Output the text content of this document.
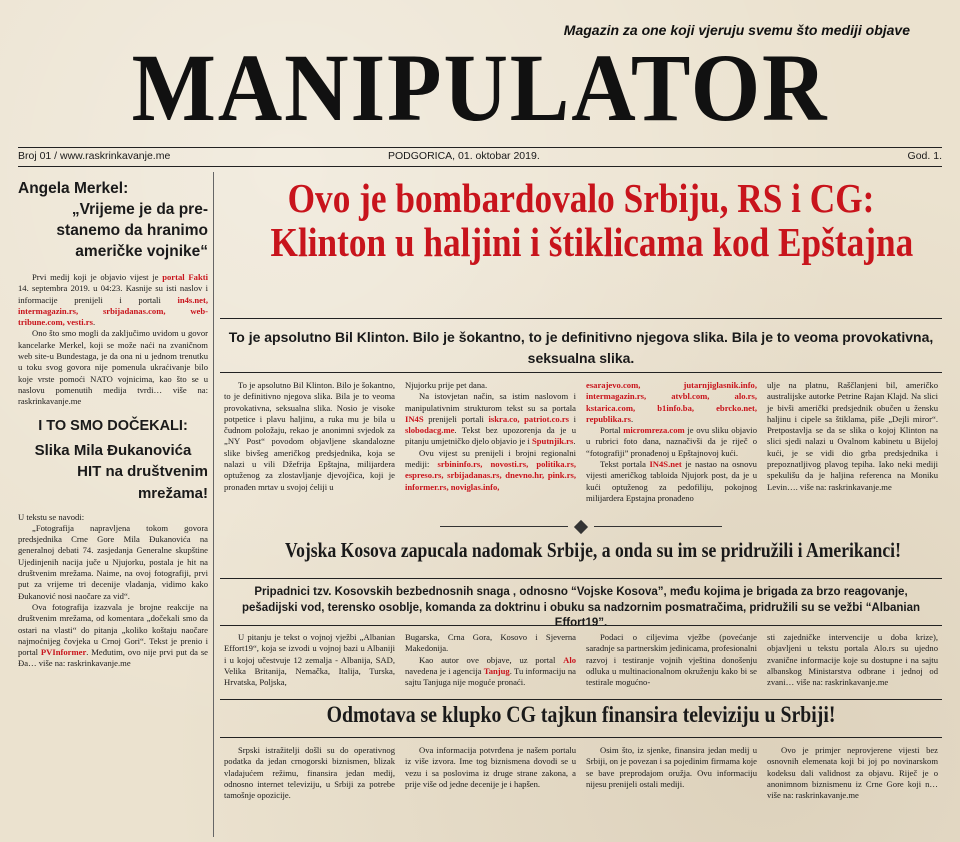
Magazin za one koji vjeruju svemu što mediji objave
MANIPULATOR
Broj 01 / www.raskrinkavanje.me	PODGORICA, 01. oktobar 2019.	God. 1.
Angela Merkel:
„Vrijeme je da pre-
stanemo da hranimo
američke vojnike“
Prvi medij koji je objavio vijest je portal Fakti 14. septembra 2019. u 04:23. Kasnije su isti naslov i informacije prenijeli i portali in4s.net, intermagazin.rs, srbijadanas.com, web-tribune.com, vesti.rs.
Ono što smo mogli da zaključimo uvidom u govor kancelarke Merkel, koji se može naći na zvaničnom web site-u Bundestaga, je da ona ni u jednom trenutku u toku svog govora nije pomenula ukraćivanje bilo koje vrste pomoći NATO vojnicima, kao što se u naslovu pomenutih medija tvrdi… više na: raskrinkavanje.me
I TO SMO DOČEKALI:
Slika Mila Đukanovića
HIT na društvenim
mrežama!
U tekstu se navodi:
„Fotografija napravljena tokom govora predsjednika Crne Gore Mila Đukanovića na generalnoj debati 74. zasjedanja Generalne skupštine Ujedinjenih nacija juče u Njujorku, postala je hit na društvenim mrežama. Naime, na ovoj fotografiji, prvi put za vrijeme tri decenije vladanja, vidimo kako Đukanović nosi naočare za vid“.
Ova fotografija izazvala je brojne reakcije na društvenim mrežama, od komentara „dočekali smo da ostari na vlasti“ do pitanja „koliko koštaju naočare najmoćnijeg čovjeka u Crnoj Gori“. Tekst je prenio i portal PVInformer. Međutim, ovo nije prvi put da se Đa… više na: raskrinkavanje.me
Ovo je bombardovalo Srbiju, RS i CG:
Klinton u haljini i štiklicama kod Epštajna
To je apsolutno Bil Klinton. Bilo je šokantno, to je definitivno njegova slika. Bila je to veoma provokativna, seksualna slika.
To je apsolutno Bil Klinton. Bilo je šokantno, to je definitivno njegova slika. Bila je to veoma provokativna, seksualna slika. Nosio je visoke potpetice i plavu haljinu, a ruka mu je bila u čudnom položaju, rekao je anonimni svjedok za „NY Post“ povodom objavljene skandalozne slike bivšeg američkog predsjednika, koja se nalazi u vili Džefrija Epštajna, milijardera optuženog za zlostavljanje djevojčica, koji je pronađen mrtav u svojoj ćeliji u
Njujorku prije pet dana.
Na istovjetan način, sa istim naslovom i manipulativnim strukturom tekst su sa portala IN4S prenijeli portali iskra.co, patriot.co.rs i slobodacg.me. Tekst bez upozorenja da je u pitanju umjetničko djelo objavio je i Sputnjik.rs.
Ovu vijest su prenijeli i brojni regionalni mediji: srbininfo.rs, novosti.rs, politika.rs, espreso.rs, srbijadanas.rs, dnevno.hr, pink.rs, informer.rs, noviglas.info,
esarajevo.com, jutarnjiglasnik.info, intermagazin.rs, atvbl.com, alo.rs, kstarica.com, b1info.ba, ebrcko.net, republika.rs.
Portal micromreza.com je ovu sliku objavio u rubrici foto dana, naznačivši da je riječ o “fotografiji” pronađenoj u Epštajnovoj kući.
Tekst portala IN4S.net je nastao na osnovu vijesti američkog tabloida Njujork post, da je u kući optuženog za pedofiliju, pokojnog milijardera Epstajna pronađeno
ulje na platnu, Raščlanjeni bil, američko australijske autorke Petrine Rajan Klajd. Na slici je bivši američki predsjednik obučen u žensku haljinu i cipele sa štiklama, piše „Dejli miror“. Pretpostavlja se da se slika o kojoj Klinton na slici sjedi nalazi u Ovalnom kabinetu u Bijeloj kući, je se vidi dio grba predsjednika i prepoznatljivog plavog tepiha. Iako neki mediji spekulišu da je haljina referenca na Moniku Levin…. više na: raskrinkavanje.me
Vojska Kosova zapucala nadomak Srbije, a onda su im se pridružili i Amerikanci!
Pripadnici tzv. Kosovskih bezbednosnih snaga , odnosno “Vojske Kosova”, među kojima je brigada za brzo reagovanje, pešadijski vod, terensko osoblje, komanda za doktrinu i obuku sa nadzornim posmatračima, pridružili su se vežbi “Albanian Effort19”.
U pitanju je tekst o vojnoj vježbi „Albanian Effort19“, koja se izvodi u vojnoj bazi u Albaniji i u kojoj učestvuje 12 zemalja - Albanija, SAD, Velika Britanija, Nemačka, Italija, Turska, Hrvatska, Poljska,
Bugarska, Crna Gora, Kosovo i Sjeverna Makedonija.
Kao autor ove objave, uz portal Alo navedena je i agencija Tanjug. Tu informaciju na sajtu Tanjuga nije moguće pronaći.
Podaci o ciljevima vježbe (povećanje saradnje sa partnerskim jedinicama, profesionalni razvoj i testiranje vojnih vještina donošenju odluka u multinacionalnom okruženju kako bi se testirale mogućno-
sti zajedničke intervencije u doba krize), objavljeni u tekstu portala Alo.rs su ujedno zvanične informacije koje su dostupne i na sajtu albanskog Ministarstva odbrane i jednoj od zvani… više na: raskrinkavanje.me
Odmotava se klupko CG tajkun finansira televiziju u Srbiji!
Srpski istražitelji došli su do operativnog podatka da jedan crnogorski biznismen, blizak vladajućem režimu, finansira jedan medij, odnosno internet televiziju, u Srbiji za potrebe tamošnje opozicije.
Ova informacija potvrđena je našem portalu iz više izvora. Ime tog biznismena dovodi se u vezu i sa poslovima iz druge strane zakona, a prije više od jedne decenije je i hapšen.
Osim što, iz sjenke, finansira jedan medij u Srbiji, on je povezan i sa pojedinim firmama koje se bave preprodajom oružja. Ovu informaciju nijesu prenijeli ostali mediji.
Ovo je primjer neprovjerene vijesti bez osnovnih elemenata koji bi joj po novinarskom kodeksu dali validnost za objavu. Riječ je o anonimnom biznismenu iz Crne Gore koji n… više na: raskrinkavanje.me
